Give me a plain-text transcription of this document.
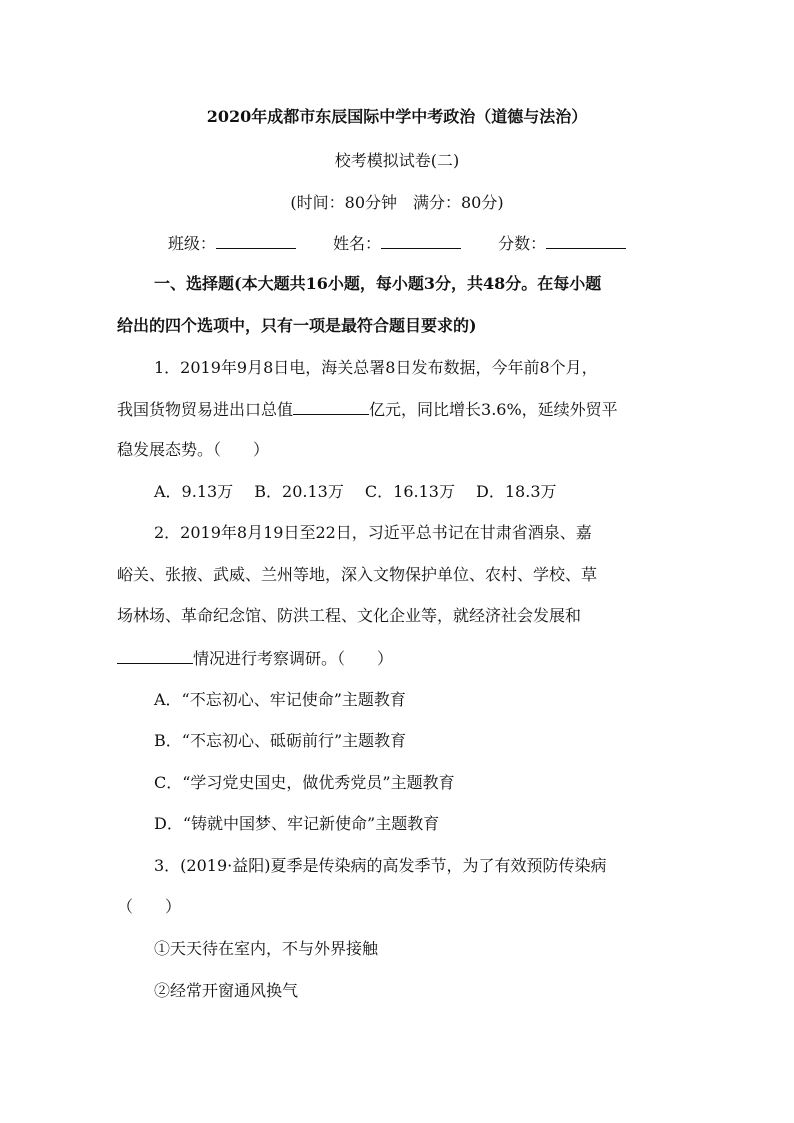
2020年成都市东辰国际中学中考政治（道德与法治）
校考模拟试卷(二)
(时间：80分钟　满分：80分)
班级：	姓名：	分数：
一、选择题(本大题共16小题，每小题3分，共48分。在每小题
给出的四个选项中，只有一项是最符合题目要求的)
1．2019年9月8日电，海关总署8日发布数据，今年前8个月，
我国货物贸易进出口总值	亿元，同比增长3.6%，延续外贸平
稳发展态势。（　　）
A．9.13万　 B．20.13万　 C．16.13万　 D．18.3万
2．2019年8月19日至22日，习近平总书记在甘肃省酒泉、嘉
峪关、张掖、武威、兰州等地，深入文物保护单位、农村、学校、草
场林场、革命纪念馆、防洪工程、文化企业等，就经济社会发展和
情况进行考察调研。（　　）
A．“不忘初心、牢记使命”主题教育
B．“不忘初心、砥砺前行”主题教育
C．“学习党史国史，做优秀党员”主题教育
D．“铸就中国梦、牢记新使命”主题教育
3．(2019·益阳)夏季是传染病的高发季节，为了有效预防传染病
（　　）
①天天待在室内，不与外界接触
②经常开窗通风换气
